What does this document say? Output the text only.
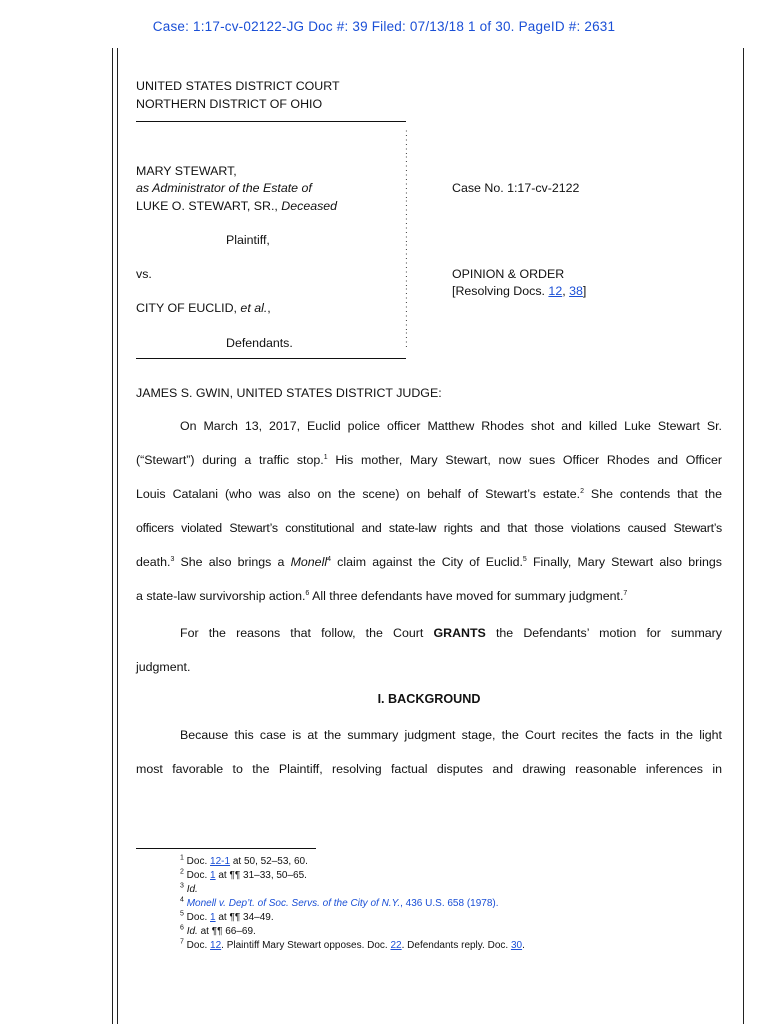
Case: 1:17-cv-02122-JG Doc #: 39 Filed: 07/13/18 1 of 30. PageID #: 2631
UNITED STATES DISTRICT COURT
NORTHERN DISTRICT OF OHIO
:
:
:
:
:
:
:
:
:
:
:
:
:
:
:
:
:
:
:
:
:
:
:
:
:

MARY STEWART,
as Administrator of the Estate of
LUKE O. STEWART, SR., Deceased
Plaintiff,
vs.
CITY OF EUCLID, et al.,
Defendants.
Case No. 1:17-cv-2122
OPINION & ORDER
[Resolving Docs. 12, 38]
JAMES S. GWIN, UNITED STATES DISTRICT JUDGE:
On March 13, 2017, Euclid police officer Matthew Rhodes shot and killed Luke Stewart Sr.
(“Stewart”) during a traffic stop.$^1$ His mother, Mary Stewart, now sues Officer Rhodes and Officer
Louis Catalani (who was also on the scene) on behalf of Stewart’s estate.$^2$ She contends that the
officers violated Stewart’s constitutional and state-law rights and that those violations caused Stewart’s
death.$^3$ She also brings a Monell$^4$ claim against the City of Euclid.$^5$ Finally, Mary Stewart also brings
a state-law survivorship action.$^6$ All three defendants have moved for summary judgment.$^7$
For the reasons that follow, the Court GRANTS the Defendants’ motion for summary
judgment.
I. BACKGROUND
Because this case is at the summary judgment stage, the Court recites the facts in the light
most favorable to the Plaintiff, resolving factual disputes and drawing reasonable inferences in
$^1$ Doc. 12-1 at 50, 52–53, 60.
$^2$ Doc. 1 at ¶¶ 31–33, 50–65.
$^3$ Id.
$^4$ Monell v. Dep’t. of Soc. Servs. of the City of N.Y., 436 U.S. 658 (1978).
$^5$ Doc. 1 at ¶¶ 34–49.
$^6$ Id. at ¶¶ 66–69.
$^7$ Doc. 12. Plaintiff Mary Stewart opposes. Doc. 22. Defendants reply. Doc. 30.
